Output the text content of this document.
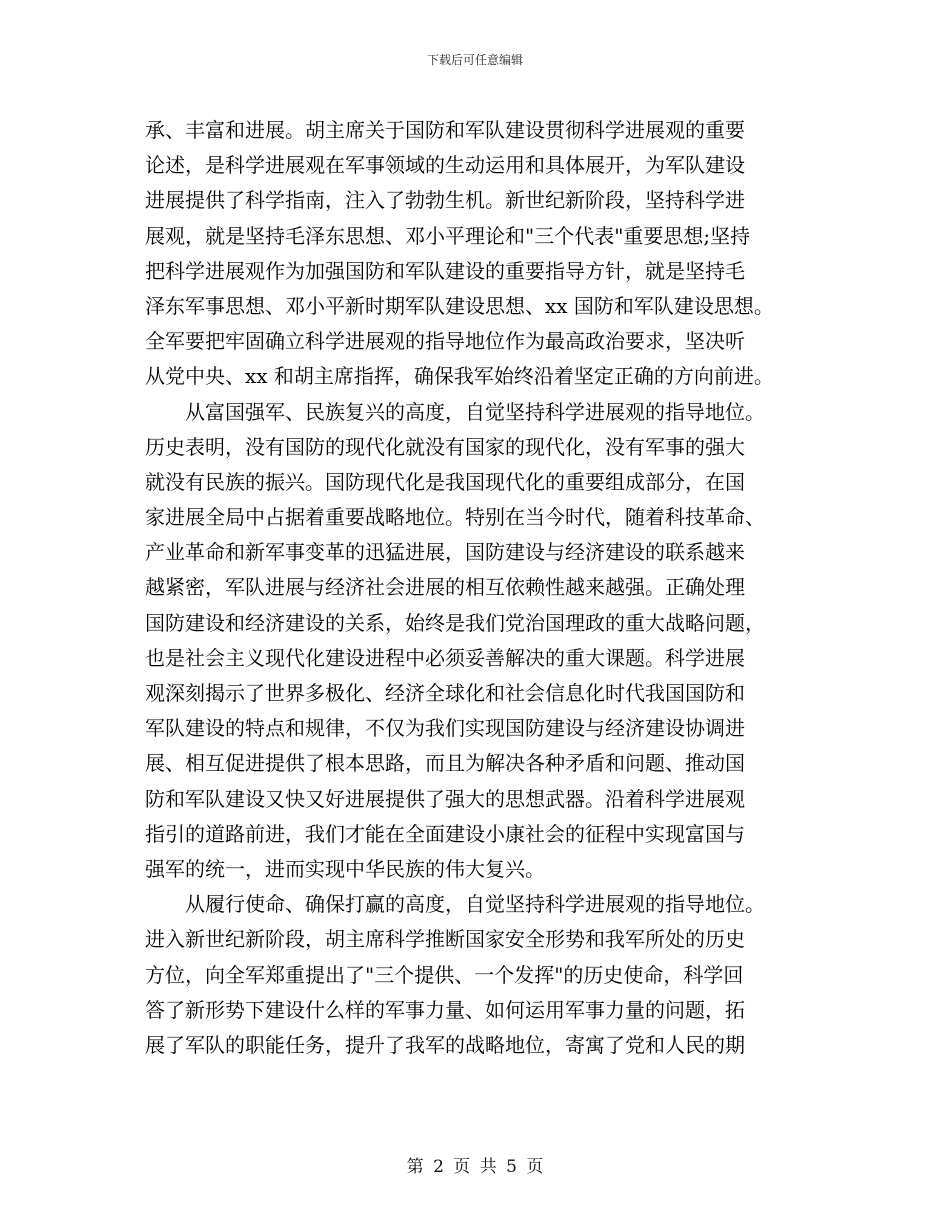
下载后可任意编辑
承、丰富和进展。胡主席关于国防和军队建设贯彻科学进展观的重要
论述，是科学进展观在军事领域的生动运用和具体展开，为军队建设
进展提供了科学指南，注入了勃勃生机。新世纪新阶段，坚持科学进
展观，就是坚持毛泽东思想、邓小平理论和"三个代表"重要思想;坚持
把科学进展观作为加强国防和军队建设的重要指导方针，就是坚持毛
泽东军事思想、邓小平新时期军队建设思想、xx 国防和军队建设思想。
全军要把牢固确立科学进展观的指导地位作为最高政治要求，坚决听
从党中央、xx 和胡主席指挥，确保我军始终沿着坚定正确的方向前进。
从富国强军、民族复兴的高度，自觉坚持科学进展观的指导地位。
历史表明，没有国防的现代化就没有国家的现代化，没有军事的强大
就没有民族的振兴。国防现代化是我国现代化的重要组成部分，在国
家进展全局中占据着重要战略地位。特别在当今时代，随着科技革命、
产业革命和新军事变革的迅猛进展，国防建设与经济建设的联系越来
越紧密，军队进展与经济社会进展的相互依赖性越来越强。正确处理
国防建设和经济建设的关系，始终是我们党治国理政的重大战略问题，
也是社会主义现代化建设进程中必须妥善解决的重大课题。科学进展
观深刻揭示了世界多极化、经济全球化和社会信息化时代我国国防和
军队建设的特点和规律，不仅为我们实现国防建设与经济建设协调进
展、相互促进提供了根本思路，而且为解决各种矛盾和问题、推动国
防和军队建设又快又好进展提供了强大的思想武器。沿着科学进展观
指引的道路前进，我们才能在全面建设小康社会的征程中实现富国与
强军的统一，进而实现中华民族的伟大复兴。
从履行使命、确保打赢的高度，自觉坚持科学进展观的指导地位。
进入新世纪新阶段，胡主席科学推断国家安全形势和我军所处的历史
方位，向全军郑重提出了"三个提供、一个发挥"的历史使命，科学回
答了新形势下建设什么样的军事力量、如何运用军事力量的问题，拓
展了军队的职能任务，提升了我军的战略地位，寄寓了党和人民的期
第 2 页 共 5 页
